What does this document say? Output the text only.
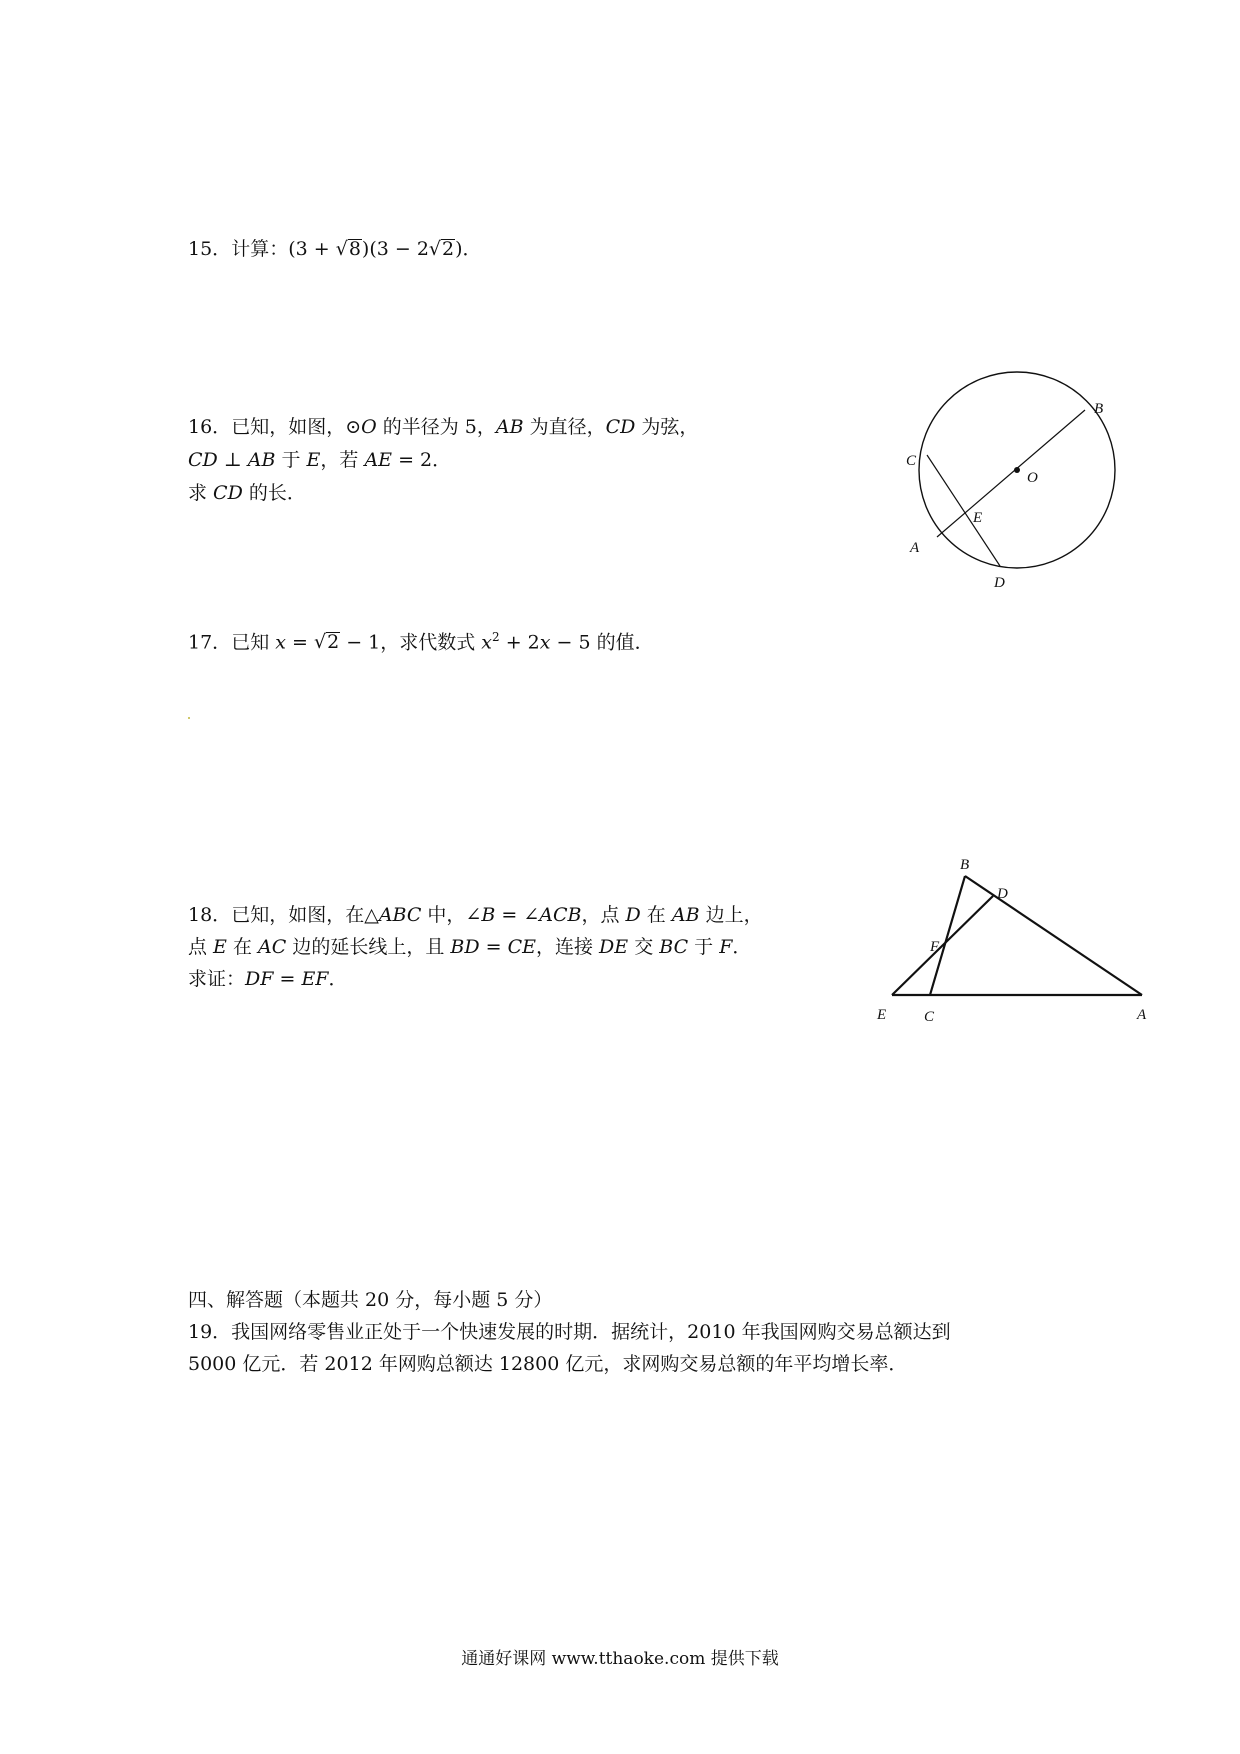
15．计算：(3 + √8)(3 − 2√2)．
16．已知，如图，⊙O 的半径为 5，AB 为直径，CD 为弦，
CD ⊥ AB 于 E，若 AE = 2．
求 CD 的长．
B
C
O
E
A
D
17．已知 x = √2 − 1，求代数式 $x^2 + 2x - 5$ 的值．
18．已知，如图，在△ABC 中，∠B = ∠ACB，点 D 在 AB 边上，
点 E 在 AC 边的延长线上，且 BD = CE，连接 DE 交 BC 于 F．
求证：DF = EF．
B
D
F
E	C	A
四、解答题（本题共 20 分，每小题 5 分）
19．我国网络零售业正处于一个快速发展的时期．据统计，2010 年我国网购交易总额达到
5000 亿元．若 2012 年网购总额达 12800 亿元，求网购交易总额的年平均增长率．
通通好课网 www.tthaoke.com 提供下载
